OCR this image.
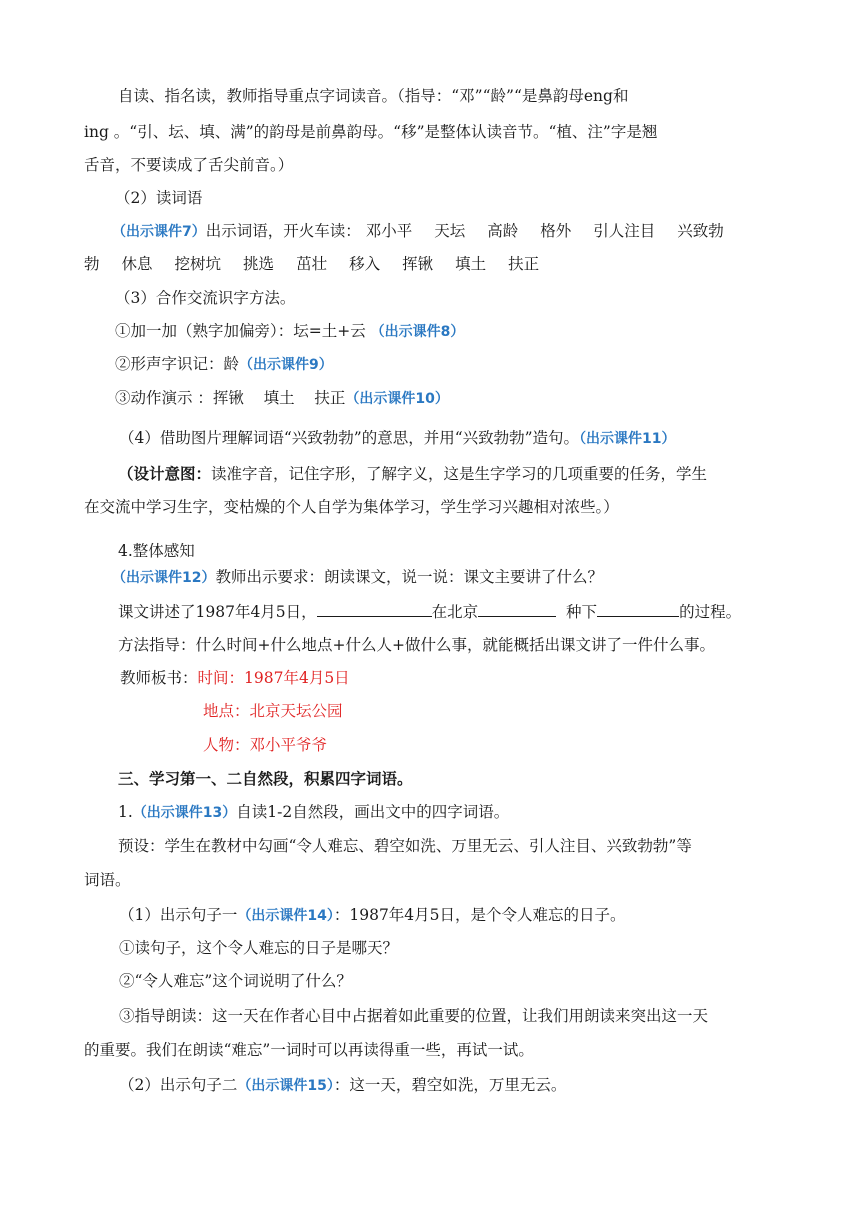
自读、指名读，教师指导重点字词读音。（指导：“邓”“龄”“是鼻韵母eng和
ing 。“引、坛、填、满”的韵母是前鼻韵母。“移”是整体认读音节。“植、注”字是翘
舌音，不要读成了舌尖前音。）
（2）读词语
（出示课件7）出示词语，开火车读： 邓小平 天坛 高龄 格外 引人注目 兴致勃
勃 休息 挖树坑 挑选 茁壮 移入 挥锹 填土 扶正
（3）合作交流识字方法。
①加一加（熟字加偏旁）：坛=土+云 （出示课件8）
②形声字识记：龄（出示课件9）
③动作演示 ：挥锹    填土    扶正（出示课件10）
（4）借助图片理解词语“兴致勃勃”的意思，并用“兴致勃勃”造句。（出示课件11）
（设计意图：读准字音，记住字形，了解字义，这是生字学习的几项重要的任务，学生
在交流中学习生字，变枯燥的个人自学为集体学习，学生学习兴趣相对浓些。）
4.整体感知
（出示课件12）教师出示要求：朗读课文，说一说：课文主要讲了什么？
课文讲述了1987年4月5日，	在北京	种下	的过程。
方法指导：什么时间+什么地点+什么人+做什么事，就能概括出课文讲了一件什么事。
教师板书：时间：1987年4月5日
地点：北京天坛公园
人物：邓小平爷爷
三、学习第一、二自然段，积累四字词语。
1.（出示课件13）自读1-2自然段，画出文中的四字词语。
预设：学生在教材中勾画“令人难忘、碧空如洗、万里无云、引人注目、兴致勃勃”等
词语。
（1）出示句子一（出示课件14）：1987年4月5日，是个令人难忘的日子。
①读句子，这个令人难忘的日子是哪天？
②“令人难忘”这个词说明了什么？
③指导朗读：这一天在作者心目中占据着如此重要的位置，让我们用朗读来突出这一天
的重要。我们在朗读“难忘”一词时可以再读得重一些，再试一试。
（2）出示句子二（出示课件15）：这一天，碧空如洗，万里无云。
